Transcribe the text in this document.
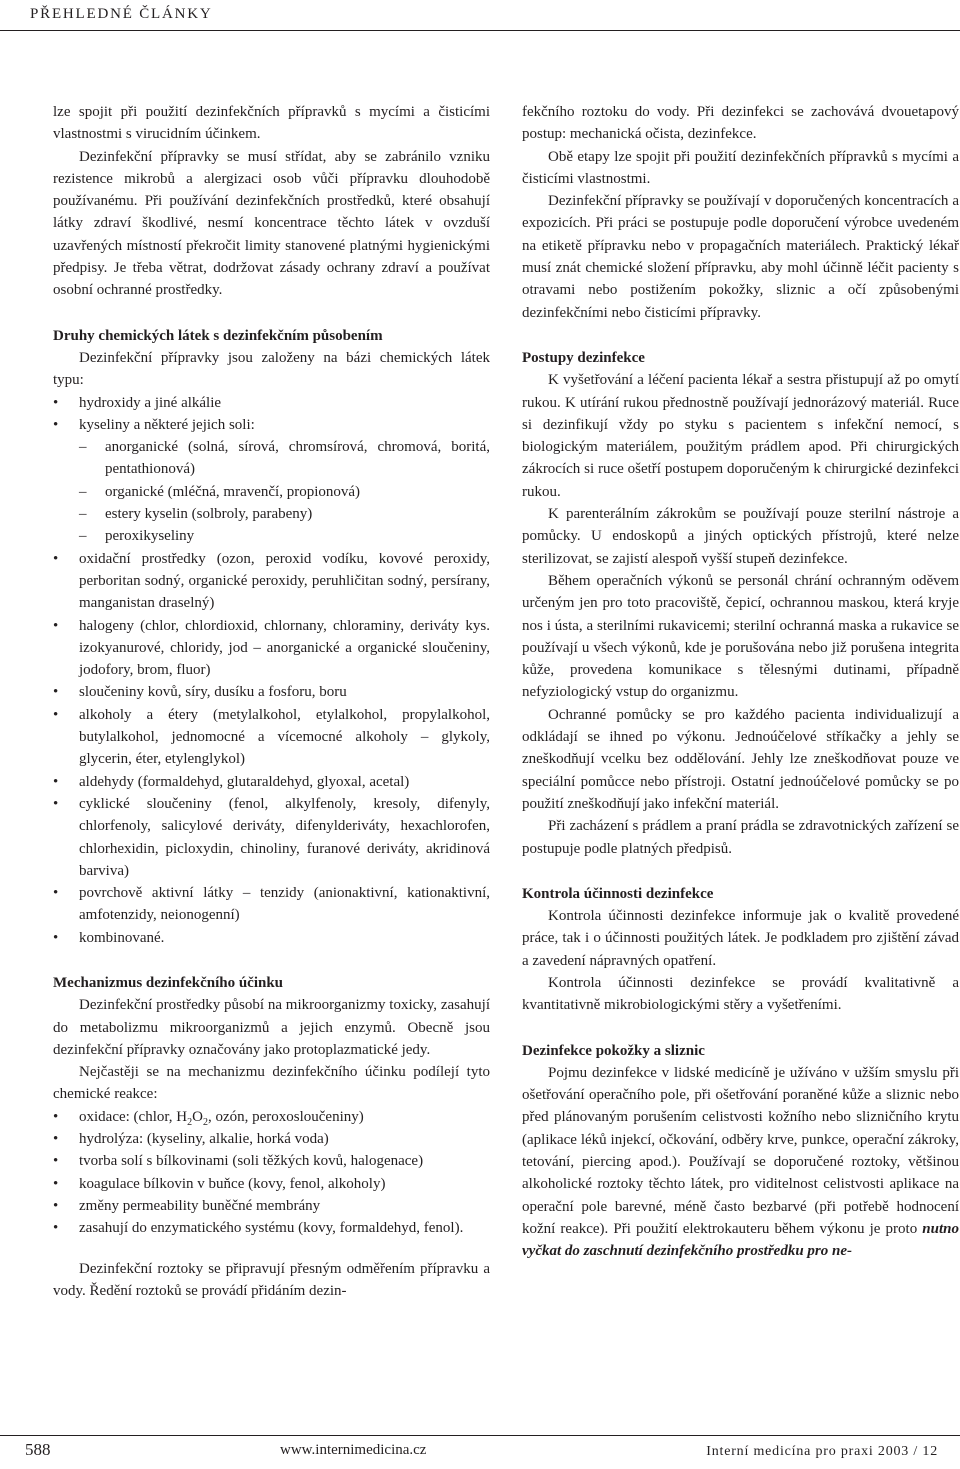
PŘEHLEDNÉ ČLÁNKY

lze spojit při použití dezinfekčních přípravků s mycími a čisticími vlastnostmi s virucidním účinkem.

Dezinfekční přípravky se musí střídat, aby se zabránilo vzniku rezistence mikrobů a alergizaci osob vůči přípravku dlouhodobě používanému. Při používání dezinfekčních prostředků, které obsahují látky zdraví škodlivé, nesmí koncentrace těchto látek v ovzduší uzavřených místností překročit limity stanovené platnými hygienickými předpisy. Je třeba větrat, dodržovat zásady ochrany zdraví a používat osobní ochranné prostředky.

Druhy chemických látek s dezinfekčním působením

Dezinfekční přípravky jsou založeny na bázi chemických látek typu:

• hydroxidy a jiné alkálie
• kyseliny a některé jejich soli:
– anorganické (solná, sírová, chromsírová, chromová, boritá, pentathionová)
– organické (mléčná, mravenčí, propionová)
– estery kyselin (solbroly, parabeny)
– peroxikyseliny
• oxidační prostředky (ozon, peroxid vodíku, kovové peroxidy, perboritan sodný, organické peroxidy, peruhličitan sodný, persírany, manganistan draselný)
• halogeny (chlor, chlordioxid, chlornany, chloraminy, deriváty kys. izokyanurové, chloridy, jod – anorganické a organické sloučeniny, jodofory, brom, fluor)
• sloučeniny kovů, síry, dusíku a fosforu, boru
• alkoholy a étery (metylalkohol, etylalkohol, propylalkohol, butylalkohol, jednomocné a vícemocné alkoholy – glykoly, glycerin, éter, etylenglykol)
• aldehydy (formaldehyd, glutaraldehyd, glyoxal, acetal)
• cyklické sloučeniny (fenol, alkylfenoly, kresoly, difenyly, chlorfenoly, salicylové deriváty, difenylderiváty, hexachlorofen, chlorhexidin, picloxydin, chinoliny, furanové deriváty, akridinová barviva)
• povrchově aktivní látky – tenzidy (anionaktivní, kationaktivní, amfotenzidy, neionogenní)
• kombinované.

Mechanizmus dezinfekčního účinku

Dezinfekční prostředky působí na mikroorganizmy toxicky, zasahují do metabolizmu mikroorganizmů a jejich enzymů. Obecně jsou dezinfekční přípravky označovány jako protoplazmatické jedy.

Nejčastěji se na mechanizmu dezinfekčního účinku podílejí tyto chemické reakce:

• oxidace: (chlor, $H_2O_2$, ozón, peroxosloučeniny)
• hydrolýza: (kyseliny, alkalie, horká voda)
• tvorba solí s bílkovinami (soli těžkých kovů, halogenace)
• koagulace bílkovin v buňce (kovy, fenol, alkoholy)
• změny permeability buněčné membrány
• zasahují do enzymatického systému (kovy, formaldehyd, fenol).

Dezinfekční roztoky se připravují přesným odměřením přípravku a vody. Ředění roztoků se provádí přidáním dezin-

fekčního roztoku do vody. Při dezinfekci se zachovává dvouetapový postup: mechanická očista, dezinfekce.

Obě etapy lze spojit při použití dezinfekčních přípravků s mycími a čisticími vlastnostmi.

Dezinfekční přípravky se používají v doporučených koncentracích a expozicích. Při práci se postupuje podle doporučení výrobce uvedeném na etiketě přípravku nebo v propagačních materiálech. Praktický lékař musí znát chemické složení přípravku, aby mohl účinně léčit pacienty s otravami nebo postižením pokožky, sliznic a očí způsobenými dezinfekčními nebo čisticími přípravky.

Postupy dezinfekce

K vyšetřování a léčení pacienta lékař a sestra přistupují až po omytí rukou. K utírání rukou přednostně používají jednorázový materiál. Ruce si dezinfikují vždy po styku s pacientem s infekční nemocí, s biologickým materiálem, použitým prádlem apod. Při chirurgických zákrocích si ruce ošetří postupem doporučeným k chirurgické dezinfekci rukou.

K parenterálním zákrokům se používají pouze sterilní nástroje a pomůcky. U endoskopů a jiných optických přístrojů, které nelze sterilizovat, se zajistí alespoň vyšší stupeň dezinfekce.

Během operačních výkonů se personál chrání ochranným oděvem určeným jen pro toto pracoviště, čepicí, ochrannou maskou, která kryje nos i ústa, a sterilními rukavicemi; sterilní ochranná maska a rukavice se používají u všech výkonů, kde je porušována nebo již porušena integrita kůže, provedena komunikace s tělesnými dutinami, případně nefyziologický vstup do organizmu.

Ochranné pomůcky se pro každého pacienta individualizují a odkládají se ihned po výkonu. Jednoúčelové stříkačky a jehly se zneškodňují vcelku bez oddělování. Jehly lze zneškodňovat pouze ve speciální pomůcce nebo přístroji. Ostatní jednoúčelové pomůcky se po použití zneškodňují jako infekční materiál.

Při zacházení s prádlem a praní prádla se zdravotnických zařízení se postupuje podle platných předpisů.

Kontrola účinnosti dezinfekce

Kontrola účinnosti dezinfekce informuje jak o kvalitě provedené práce, tak i o účinnosti použitých látek. Je podkladem pro zjištění závad a zavedení nápravných opatření.

Kontrola účinnosti dezinfekce se provádí kvalitativně a kvantitativně mikrobiologickými stěry a vyšetřeními.

Dezinfekce pokožky a sliznic

Pojmu dezinfekce v lidské medicíně je užíváno v užším smyslu při ošetřování operačního pole, při ošetřování poraněné kůže a sliznic nebo před plánovaným porušením celistvosti kožního nebo slizničního krytu (aplikace léků injekcí, očkování, odběry krve, punkce, operační zákroky, tetování, piercing apod.). Používají se doporučené roztoky, většinou alkoholické roztoky těchto látek, pro viditelnost celistvosti aplikace na operační pole barevné, méně často bezbarvé (při potřebě hodnocení kožní reakce). Při použití elektrokauteru během výkonu je proto nutno vyčkat do zaschnutí dezinfekčního prostředku pro ne-

588	www.internimedicina.cz	Interní medicína pro praxi 2003 / 12
